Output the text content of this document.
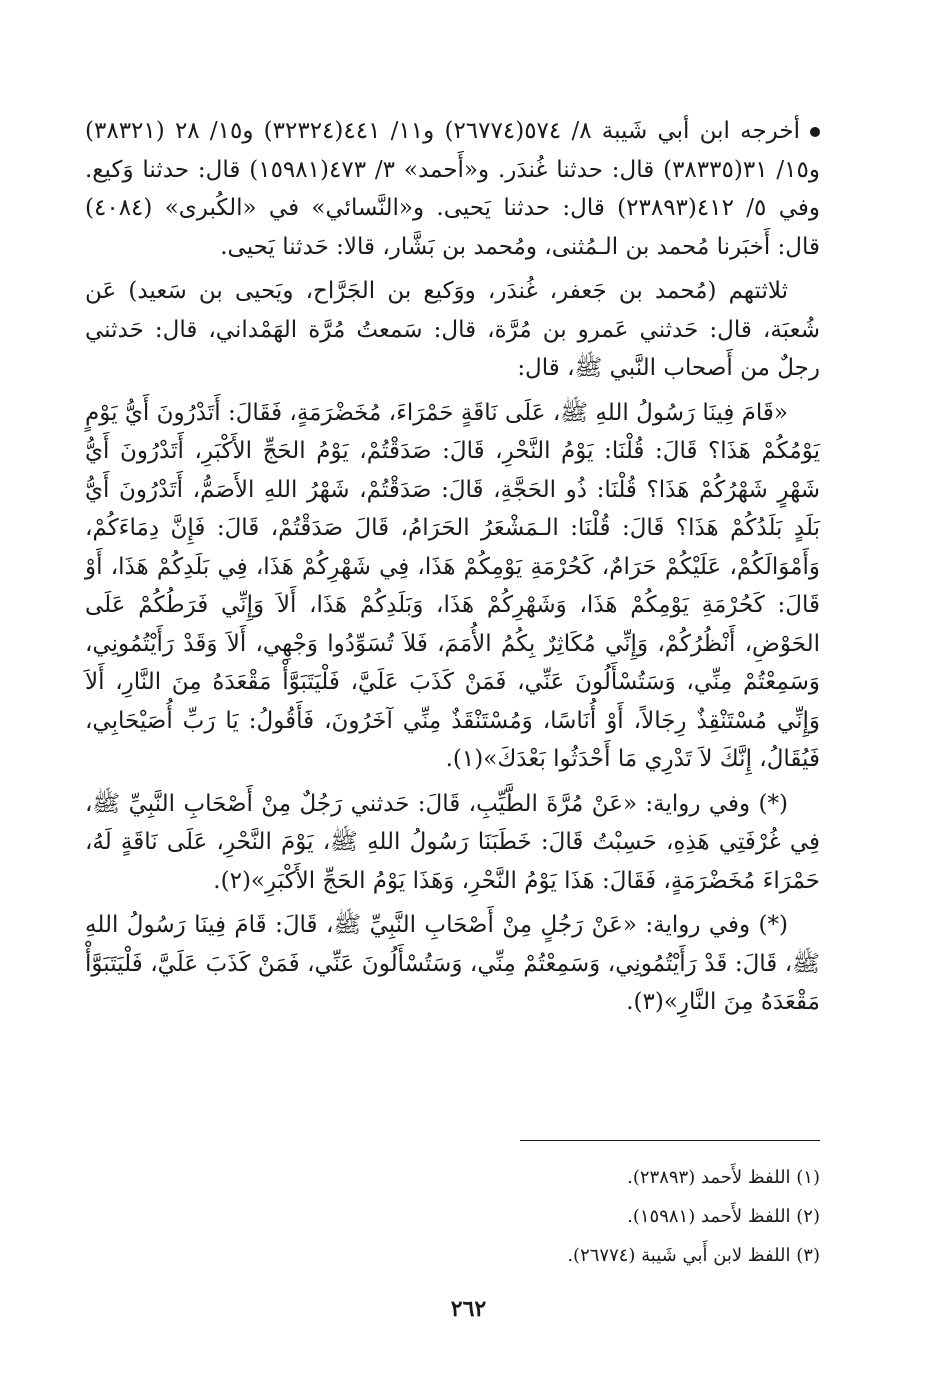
أخرجه ابن أبي شَيبة ٨/ ٥٧٤(٢٦٧٧٤) و١١/ ٤٤١(٣٢٣٢٤) و١٥/ ٢٨ (٣٨٣٢١) و١٥/ ٣١(٣٨٣٣٥) قال: حدثنا غُندَر. و«أَحمد» ٣/ ٤٧٣(١٥٩٨١) قال: حدثنا وَكيع. وفي ٥/ ٤١٢(٢٣٨٩٣) قال: حدثنا يَحيى. و«النَّسائي» في «الكُبرى» (٤٠٨٤) قال: أَخبَرنا مُحمد بن الـمُثنى، ومُحمد بن بَشَّار، قالا: حَدثنا يَحيى.

ثلاثتهم (مُحمد بن جَعفر، غُندَر، ووَكيع بن الجَرَّاح، ويَحيى بن سَعيد) عَن شُعبَة، قال: حَدثني عَمرو بن مُرَّة، قال: سَمعتُ مُرَّة الهَمْداني، قال: حَدثني رجلٌ من أَصحاب النَّبي ﷺ، قال:

«قَامَ فِينَا رَسُولُ اللهِ ﷺ، عَلَى نَاقَةٍ حَمْرَاءَ، مُخَضْرَمَةٍ، فَقَالَ: أَتَدْرُونَ أَيُّ يَوْمٍ يَوْمُكُمْ هَذَا؟ قَالَ: قُلْنَا: يَوْمُ النَّحْرِ، قَالَ: صَدَقْتُمْ، يَوْمُ الحَجِّ الأَكْبَرِ، أَتَدْرُونَ أَيُّ شَهْرٍ شَهْرُكُمْ هَذَا؟ قُلْنَا: ذُو الحَجَّةِ، قَالَ: صَدَقْتُمْ، شَهْرُ اللهِ الأَصَمُّ، أَتَدْرُونَ أَيُّ بَلَدٍ بَلَدُكُمْ هَذَا؟ قَالَ: قُلْنَا: الـمَشْعَرُ الحَرَامُ، قَالَ صَدَقْتُمْ، قَالَ: فَإِنَّ دِمَاءَكُمْ، وَأَمْوَالَكُمْ، عَلَيْكُمْ حَرَامٌ، كَحُرْمَةِ يَوْمِكُمْ هَذَا، فِي شَهْرِكُمْ هَذَا، فِي بَلَدِكُمْ هَذَا، أَوْ قَالَ: كَحُرْمَةِ يَوْمِكُمْ هَذَا، وَشَهْرِكُمْ هَذَا، وَبَلَدِكُمْ هَذَا، أَلاَ وَإِنِّي فَرَطُكُمْ عَلَى الحَوْضِ، أَنْظُرُكُمْ، وَإِنِّي مُكَاثِرٌ بِكُمُ الأُمَمَ، فَلاَ تُسَوِّدُوا وَجْهِي، أَلاَ وَقَدْ رَأَيْتُمُونِي، وَسَمِعْتُمْ مِنِّي، وَسَتُسْأَلُونَ عَنِّي، فَمَنْ كَذَبَ عَلَيَّ، فَلْيَتَبَوَّأْ مَقْعَدَهُ مِنَ النَّارِ، أَلاَ وَإِنِّي مُسْتَنْقِذٌ رِجَالاً، أَوْ أُنَاسًا، وَمُسْتَنْقَذٌ مِنِّي آخَرُونَ، فَأَقُولُ: يَا رَبِّ أُصَيْحَابِي، فَيُقَالُ، إِنَّكَ لاَ تَدْرِي مَا أَحْدَثُوا بَعْدَكَ»(١).

(*) وفي رواية: «عَنْ مُرَّةَ الطَّيِّبِ، قَالَ: حَدثني رَجُلٌ مِنْ أَصْحَابِ النَّبِيِّ ﷺ، فِي غُرْفَتِي هَذِهِ، حَسِبْتُ قَالَ: خَطَبَنَا رَسُولُ اللهِ ﷺ، يَوْمَ النَّحْرِ، عَلَى نَاقَةٍ لَهُ، حَمْرَاءَ مُخَضْرَمَةٍ، فَقَالَ: هَذَا يَوْمُ النَّحْرِ، وَهَذَا يَوْمُ الحَجِّ الأَكْبَرِ»(٢).

(*) وفي رواية: «عَنْ رَجُلٍ مِنْ أَصْحَابِ النَّبِيِّ ﷺ، قَالَ: قَامَ فِينَا رَسُولُ اللهِ ﷺ، قَالَ: قَدْ رَأَيْتُمُونِي، وَسَمِعْتُمْ مِنِّي، وَسَتُسْأَلُونَ عَنِّي، فَمَنْ كَذَبَ عَلَيَّ، فَلْيَتَبَوَّأْ مَقْعَدَهُ مِنَ النَّارِ»(٣).

(١) اللفظ لأَحمد (٢٣٨٩٣).

(٢) اللفظ لأَحمد (١٥٩٨١).

(٣) اللفظ لابن أَبي شَيبة (٢٦٧٧٤).

٢٦٢
